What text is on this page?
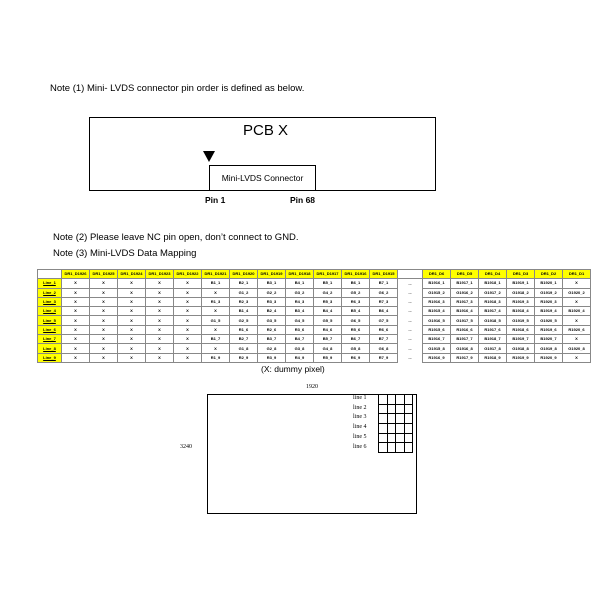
Note (1) Mini- LVDS connector pin order is defined as below.
PCB X
Mini-LVDS Connector
Pin 1	Pin 68
Note (2) Please leave NC pin open, don’t connect to GND.
Note (3) Mini-LVDS Data Mapping
	DR1_D1926	DR1_D1925	DR1_D1924	DR1_D1923	DR1_D1922	DR1_D1921	DR1_D1920	DR1_D1919	DR1_D1918	DR1_D1917	DR1_D1916	DR1_D1915		DR1_D6	DR1_D5	DR1_D4	DR1_D3	DR1_D2	DR1_D1
Line_1	X	X	X	X	X	B1_1	B2_1	B3_1	B4_1	B5_1	B6_1	B7_1	...	B1916_1	B1917_1	B1918_1	B1919_1	B1920_1	X
Line_2	X	X	X	X	X	X	G1_2	G2_2	G3_2	G4_2	G5_2	G6_2	...	G1915_2	G1916_2	G1917_2	G1918_2	G1919_2	G1920_2
Line_3	X	X	X	X	X	R1_3	R2_3	R3_3	R4_3	R5_3	R6_3	R7_3	...	R1916_3	R1917_3	R1918_3	R1919_3	R1920_3	X
Line_4	X	X	X	X	X	X	B1_4	B2_4	B3_4	B4_4	B5_4	B6_4	...	B1915_4	B1916_4	B1917_4	B1918_4	B1919_4	B1920_4
Line_5	X	X	X	X	X	G1_5	G2_5	G3_5	G4_5	G5_5	G6_5	G7_5	...	G1916_5	G1917_5	G1918_5	G1919_5	G1920_5	X
Line_6	X	X	X	X	X	X	R1_6	R2_6	R3_6	R4_6	R5_6	R6_6	...	R1915_6	R1916_6	R1917_6	R1918_6	R1919_6	R1920_6
Line_7	X	X	X	X	X	B1_7	B2_7	B3_7	B4_7	B5_7	B6_7	B7_7	...	B1916_7	B1917_7	B1918_7	B1919_7	B1920_7	X
Line_8	X	X	X	X	X	X	G1_8	G2_8	G3_8	G4_8	G5_8	G6_8	...	G1915_8	G1916_8	G1917_8	G1918_8	G1919_8	G1920_8
Line_9	X	X	X	X	X	R1_9	R2_9	R3_9	R4_9	R5_9	R6_9	R7_9	...	R1916_9	R1917_9	R1918_9	R1919_9	R1920_9	X
(X: dummy pixel)
1920
3240
line 1
line 2
line 3
line 4
line 5
line 6
